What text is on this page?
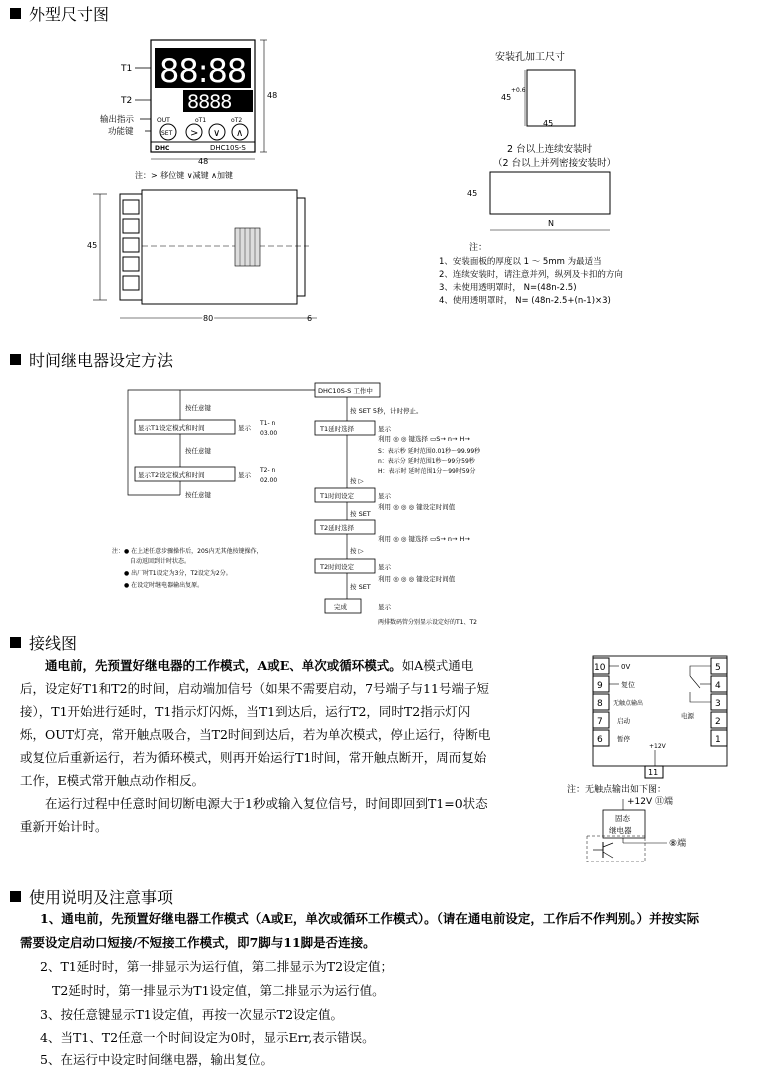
外型尺寸图
T1
T2
输出指示
功能键
88:88
8888
OUT	oT1	oT2
SET > ∨ ∧
DHC	DHC10S-S
48
48
注：> 移位键 ∨减键 ∧加键
45
80	6
安装孔加工尺寸
45
+0.6
45
2 台以上连续安装时
（2 台以上并列密接安装时）
45
N
注：
1、安装面板的厚度以 1 ～ 5mm 为最适当
2、连续安装时，请注意并列，纵列及卡扣的方向
3、未使用透明罩时， N=(48n-2.5)
4、使用透明罩时， N= (48n-2.5+(n-1)×3)
时间继电器设定方法
DHC10S-S 工作中
按任意键
显示T1设定模式和时间	显示
T1- n
03.00
按任意键
显示T2设定模式和时间	显示
T2- n
02.00
按任意键
按 SET 5秒，计时停止。
T1延时选择	显示
利用 ◎ ◎ 键选择 ▭S→ n→ H→
S：表示秒 延时范围0.01秒～99.99秒
n：表示分 延时范围1秒～99分59秒
H：表示时 延时范围1分～99时59分
按 ▷
T1时间设定	显示
利用 ◎ ◎ ◎ 键设定时间值
按 SET
T2延时选择
利用 ◎ ◎ 键选择 ▭S→ n→ H→
按 ▷
T2时间设定	显示
利用 ◎ ◎ ◎ 键设定时间值
按 SET
完成	显示
两排数码管分别显示设定好的T1、T2
注：● 在上述任意步骤操作后，20S内无其他按键操作，
自动返回到计时状态。
● 出厂时T1设定为3分，T2设定为2分。
● 在设定时继电器输出复原。
接线图
通电前，先预置好继电器的工作模式，A或E、单次或循环模式。如A模式通电后，设定好T1和T2的时间，启动端加信号（如果不需要启动，7号端子与11号端子短接），T1开始进行延时，T1指示灯闪烁，当T1到达后，运行T2，同时T2指示灯闪烁，OUT灯亮，常开触点吸合，当T2时间到达后，若为单次模式，停止运行，待断电或复位后重新运行，若为循环模式，则再开始运行T1时间，常开触点断开，周而复始工作，E模式常开触点动作相反。
在运行过程中任意时间切断电源大于1秒或输入复位信号，时间即回到T1=0状态重新开始计时。
10
9
8
7
6
5
4
3
2
1
0V
复位
无触点输出
启动
暂停
+12V
电源
11
注：无触点输出如下图：
+12V ⑪端
固态
继电器
⑧端
使用说明及注意事项
1、通电前，先预置好继电器工作模式（A或E，单次或循环工作模式）。（请在通电前设定，工作后不作判别。）并按实际
需要设定启动口短接/不短接工作模式，即7脚与11脚是否连接。
2、T1延时时，第一排显示为运行值，第二排显示为T2设定值；
T2延时时，第一排显示为T1设定值，第二排显示为运行值。
3、按任意键显示T1设定值，再按一次显示T2设定值。
4、当T1、T2任意一个时间设定为0时，显示Err,表示错误。
5、在运行中设定时间继电器，输出复位。
